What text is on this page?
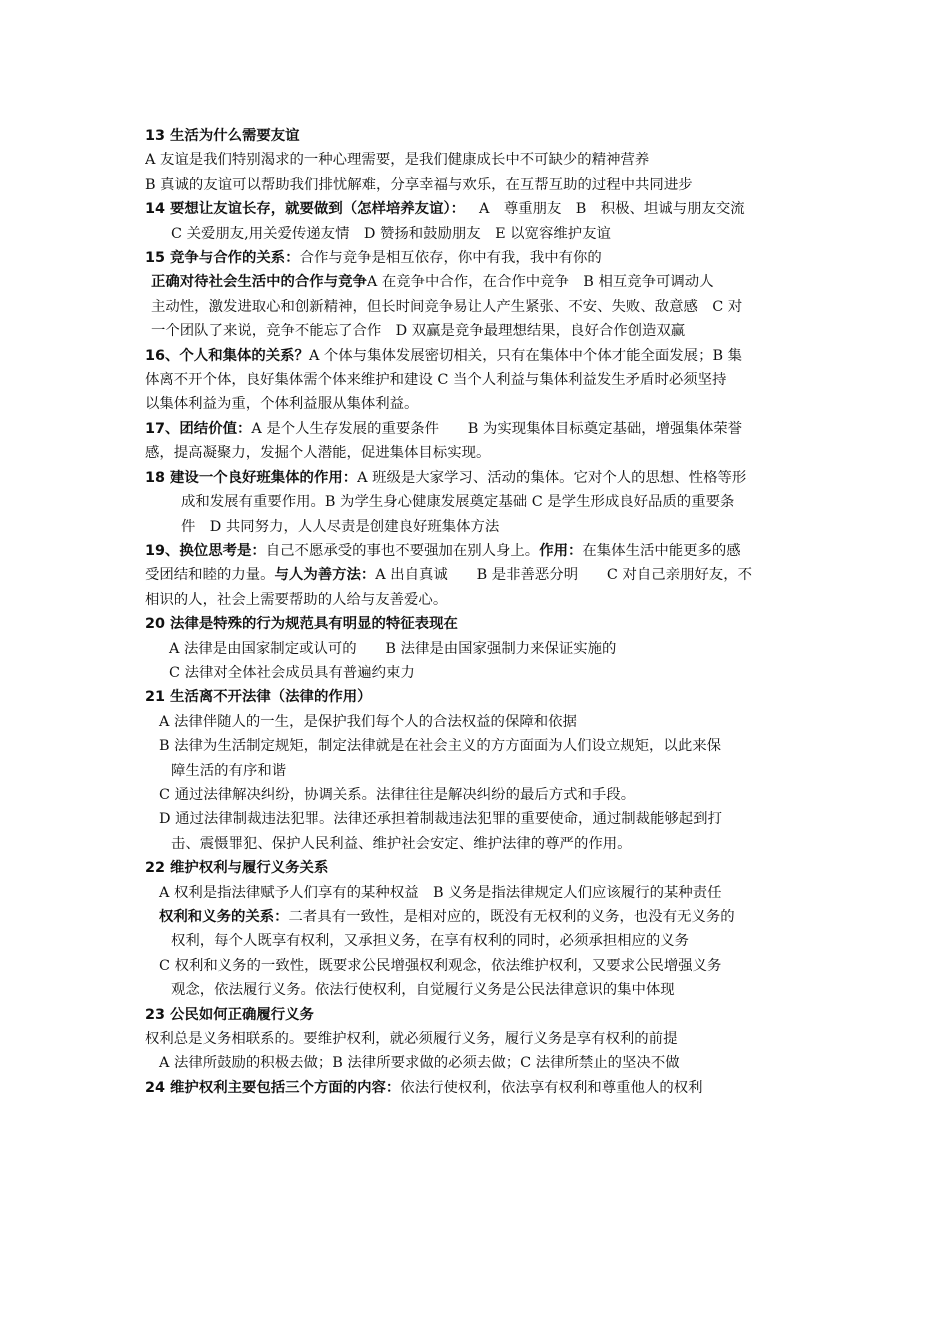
13 生活为什么需要友谊
A 友谊是我们特别渴求的一种心理需要，是我们健康成长中不可缺少的精神营养
B 真诚的友谊可以帮助我们排忧解难，分享幸福与欢乐，在互帮互助的过程中共同进步
14 要想让友谊长存，就要做到（怎样培养友谊）： A　尊重朋友　B　积极、坦诚与朋友交流
C 关爱朋友,用关爱传递友情　D 赞扬和鼓励朋友　E 以宽容维护友谊
15 竞争与合作的关系：合作与竞争是相互依存，你中有我，我中有你的
正确对待社会生活中的合作与竞争A 在竞争中合作，在合作中竞争　B 相互竞争可调动人
主动性，激发进取心和创新精神，但长时间竞争易让人产生紧张、不安、失败、敌意感　C 对
一个团队了来说，竞争不能忘了合作　D 双赢是竞争最理想结果，良好合作创造双赢
16、个人和集体的关系？A 个体与集体发展密切相关，只有在集体中个体才能全面发展；B 集
体离不开个体，良好集体需个体来维护和建设 C 当个人利益与集体利益发生矛盾时必须坚持
以集体利益为重，个体利益服从集体利益。
17、团结价值：A 是个人生存发展的重要条件　　B 为实现集体目标奠定基础，增强集体荣誉
感，提高凝聚力，发掘个人潜能，促进集体目标实现。
18 建设一个良好班集体的作用：A 班级是大家学习、活动的集体。它对个人的思想、性格等形
成和发展有重要作用。B 为学生身心健康发展奠定基础 C 是学生形成良好品质的重要条
件　D 共同努力，人人尽责是创建良好班集体方法
19、换位思考是：自己不愿承受的事也不要强加在别人身上。作用：在集体生活中能更多的感
受团结和睦的力量。与人为善方法：A 出自真诚　　B 是非善恶分明　　C 对自己亲朋好友，不
相识的人，社会上需要帮助的人给与友善爱心。
20 法律是特殊的行为规范具有明显的特征表现在
A 法律是由国家制定或认可的　　B 法律是由国家强制力来保证实施的
C 法律对全体社会成员具有普遍约束力
21 生活离不开法律（法律的作用）
A 法律伴随人的一生，是保护我们每个人的合法权益的保障和依据
B 法律为生活制定规矩，制定法律就是在社会主义的方方面面为人们设立规矩，以此来保
障生活的有序和谐
C 通过法律解决纠纷，协调关系。法律往往是解决纠纷的最后方式和手段。
D 通过法律制裁违法犯罪。法律还承担着制裁违法犯罪的重要使命，通过制裁能够起到打
击、震慑罪犯、保护人民利益、维护社会安定、维护法律的尊严的作用。
22 维护权利与履行义务关系
A 权利是指法律赋予人们享有的某种权益　B 义务是指法律规定人们应该履行的某种责任
权利和义务的关系：二者具有一致性，是相对应的，既没有无权利的义务，也没有无义务的
权利，每个人既享有权利，又承担义务，在享有权利的同时，必须承担相应的义务
C 权利和义务的一致性，既要求公民增强权利观念，依法维护权利，又要求公民增强义务
观念，依法履行义务。依法行使权利，自觉履行义务是公民法律意识的集中体现
23 公民如何正确履行义务
权利总是义务相联系的。要维护权利，就必须履行义务，履行义务是享有权利的前提
A 法律所鼓励的积极去做；B 法律所要求做的必须去做；C 法律所禁止的坚决不做
24 维护权利主要包括三个方面的内容：依法行使权利，依法享有权利和尊重他人的权利
